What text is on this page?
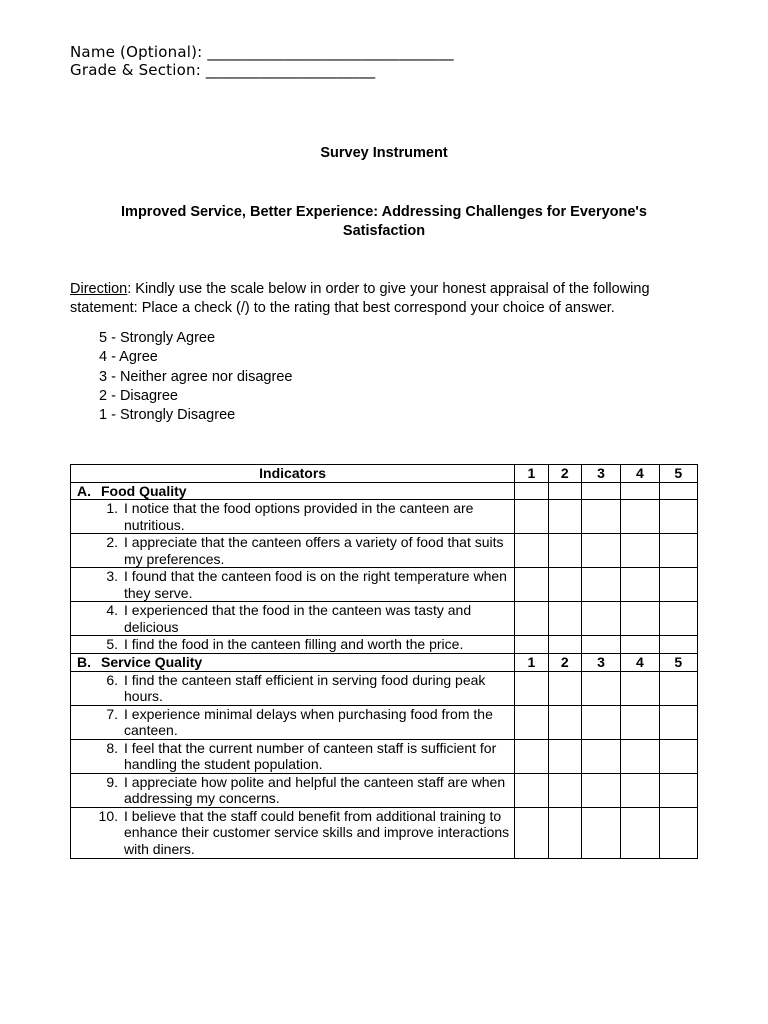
Name (Optional): ________________________________
Grade & Section: ______________________
Survey Instrument
Improved Service, Better Experience: Addressing Challenges for Everyone's Satisfaction
Direction: Kindly use the scale below in order to give your honest appraisal of the following statement: Place a check (/) to the rating that best correspond your choice of answer.
5 - Strongly Agree
4 - Agree
3 - Neither agree nor disagree
2 - Disagree
1 - Strongly Disagree
Indicators	1	2	3	4	5
A. Food Quality					

1. I notice that the food options provided in the canteen are nutritious.					

2. I appreciate that the canteen offers a variety of food that suits my preferences.					

3. I found that the canteen food is on the right temperature when they serve.					

4. I experienced that the food in the canteen was tasty and delicious					

5. I find the food in the canteen filling and worth the price.					

B. Service Quality	1	2	3	4	5

6. I find the canteen staff efficient in serving food during peak hours.					

7. I experience minimal delays when purchasing food from the canteen.					

8. I feel that the current number of canteen staff is sufficient for handling the student population.					

9. I appreciate how polite and helpful the canteen staff are when addressing my concerns.					

10. I believe that the staff could benefit from additional training to enhance their customer service skills and improve interactions with diners.					
